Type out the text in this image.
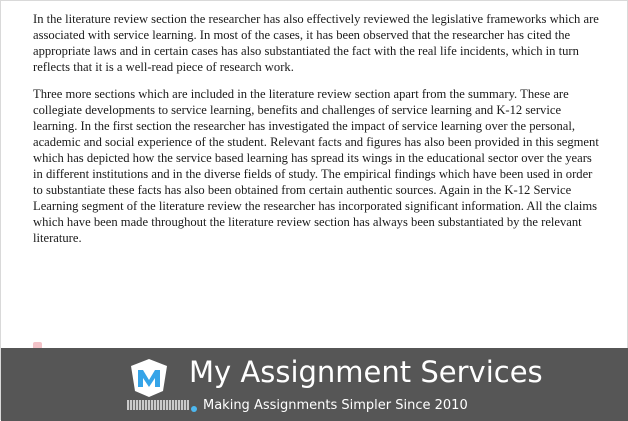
In the literature review section the researcher has also effectively reviewed the legislative frameworks which are associated with service learning. In most of the cases, it has been observed that the researcher has cited the appropriate laws and in certain cases has also substantiated the fact with the real life incidents, which in turn reflects that it is a well-read piece of research work.

Three more sections which are included in the literature review section apart from the summary. These are collegiate developments to service learning, benefits and challenges of service learning and K-12 service learning. In the first section the researcher has investigated the impact of service learning over the personal, academic and social experience of the student. Relevant facts and figures has also been provided in this segment which has depicted how the service based learning has spread its wings in the educational sector over the years in different institutions and in the diverse fields of study. The empirical findings which have been used in order to substantiate these facts has also been obtained from certain authentic sources. Again in the K-12 Service Learning segment of the literature review the researcher has incorporated significant information. All the claims which have been made throughout the literature review section has always been substantiated by the relevant literature.

M My Assignment Services
Making Assignments Simpler Since 2010
